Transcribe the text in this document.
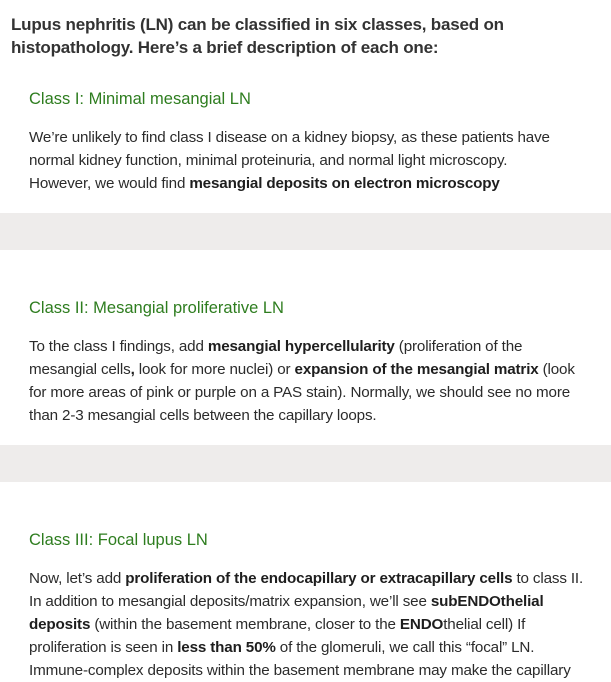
Lupus nephritis (LN) can be classified in six classes, based on
histopathology. Here’s a brief description of each one:
Class I: Minimal mesangial LN
We’re unlikely to find class I disease on a kidney biopsy, as these patients have
normal kidney function, minimal proteinuria, and normal light microscopy.
However, we would find mesangial deposits on electron microscopy
Class II: Mesangial proliferative LN
To the class I findings, add mesangial hypercellularity (proliferation of the
mesangial cells, look for more nuclei) or expansion of the mesangial matrix (look
for more areas of pink or purple on a PAS stain). Normally, we should see no more
than 2-3 mesangial cells between the capillary loops.
Class III: Focal lupus LN
Now, let’s add proliferation of the endocapillary or extracapillary cells to class II.
In addition to mesangial deposits/matrix expansion, we’ll see subENDOthelial
deposits (within the basement membrane, closer to the ENDOthelial cell) If
proliferation is seen in less than 50% of the glomeruli, we call this “focal” LN.
Immune-complex deposits within the basement membrane may make the capillary
